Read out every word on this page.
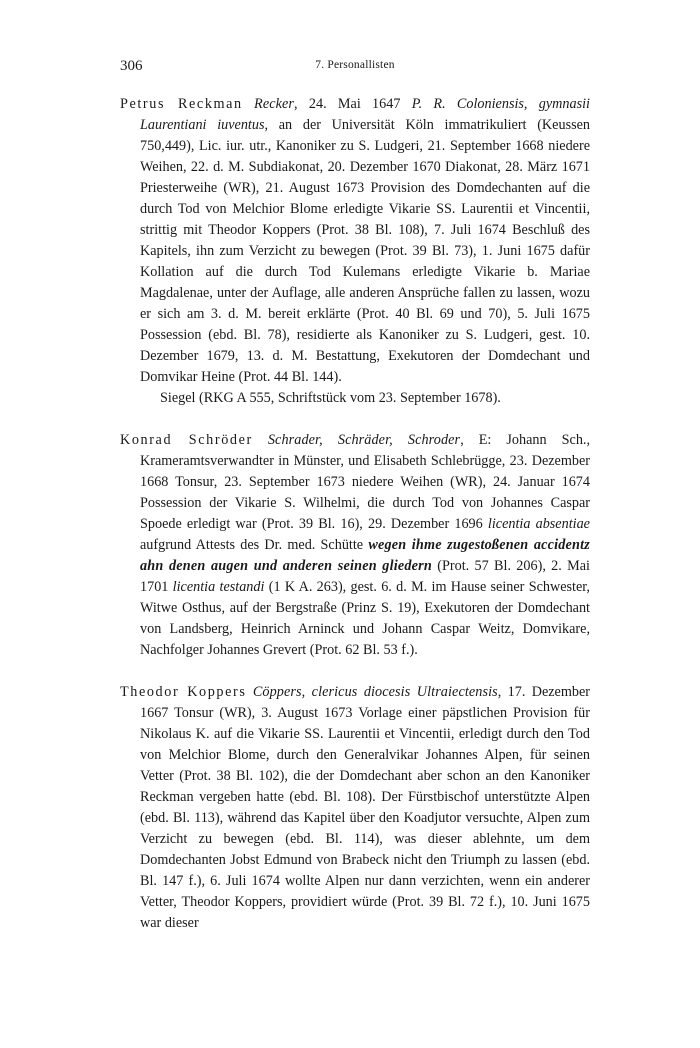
306	7. Personallisten

Petrus Reckman Recker, 24. Mai 1647 P. R. Coloniensis, gymnasii Laurentiani iuventus, an der Universität Köln immatrikuliert (Keussen 750,449), Lic. iur. utr., Kanoniker zu S. Ludgeri, 21. September 1668 niedere Weihen, 22. d. M. Subdiakonat, 20. Dezember 1670 Diakonat, 28. März 1671 Priesterweihe (WR), 21. August 1673 Provision des Domdechanten auf die durch Tod von Melchior Blome erledigte Vikarie SS. Laurentii et Vincentii, strittig mit Theodor Koppers (Prot. 38 Bl. 108), 7. Juli 1674 Beschluß des Kapitels, ihn zum Verzicht zu bewegen (Prot. 39 Bl. 73), 1. Juni 1675 dafür Kollation auf die durch Tod Kulemans erledigte Vikarie b. Mariae Magdalenae, unter der Auflage, alle anderen Ansprüche fallen zu lassen, wozu er sich am 3. d. M. bereit erklärte (Prot. 40 Bl. 69 und 70), 5. Juli 1675 Possession (ebd. Bl. 78), residierte als Kanoniker zu S. Ludgeri, gest. 10. Dezember 1679, 13. d. M. Bestattung, Exekutoren der Domdechant und Domvikar Heine (Prot. 44 Bl. 144).

Siegel (RKG A 555, Schriftstück vom 23. September 1678).

Konrad Schröder Schrader, Schräder, Schroder, E: Johann Sch., Krameramtsverwandter in Münster, und Elisabeth Schlebrügge, 23. Dezember 1668 Tonsur, 23. September 1673 niedere Weihen (WR), 24. Januar 1674 Possession der Vikarie S. Wilhelmi, die durch Tod von Johannes Caspar Spoede erledigt war (Prot. 39 Bl. 16), 29. Dezember 1696 licentia absentiae aufgrund Attests des Dr. med. Schütte wegen ihme zugestoßenen accidentz ahn denen augen und anderen seinen gliedern (Prot. 57 Bl. 206), 2. Mai 1701 licentia testandi (1 K A. 263), gest. 6. d. M. im Hause seiner Schwester, Witwe Osthus, auf der Bergstraße (Prinz S. 19), Exekutoren der Domdechant von Landsberg, Heinrich Arninck und Johann Caspar Weitz, Domvikare, Nachfolger Johannes Grevert (Prot. 62 Bl. 53 f.).

Theodor Koppers Cöppers, clericus diocesis Ultraiectensis, 17. Dezember 1667 Tonsur (WR), 3. August 1673 Vorlage einer päpstlichen Provision für Nikolaus K. auf die Vikarie SS. Laurentii et Vincentii, erledigt durch den Tod von Melchior Blome, durch den Generalvikar Johannes Alpen, für seinen Vetter (Prot. 38 Bl. 102), die der Domdechant aber schon an den Kanoniker Reckman vergeben hatte (ebd. Bl. 108). Der Fürstbischof unterstützte Alpen (ebd. Bl. 113), während das Kapitel über den Koadjutor versuchte, Alpen zum Verzicht zu bewegen (ebd. Bl. 114), was dieser ablehnte, um dem Domdechanten Jobst Edmund von Brabeck nicht den Triumph zu lassen (ebd. Bl. 147 f.), 6. Juli 1674 wollte Alpen nur dann verzichten, wenn ein anderer Vetter, Theodor Koppers, providiert würde (Prot. 39 Bl. 72 f.), 10. Juni 1675 war dieser
